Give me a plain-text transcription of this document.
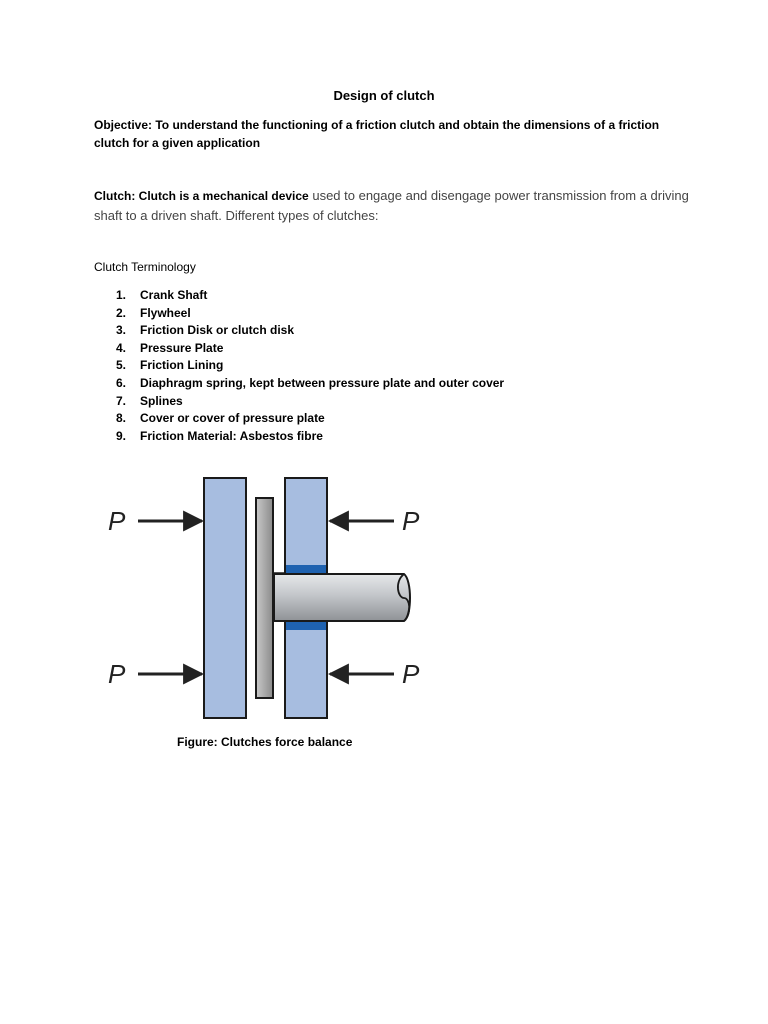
Design of clutch
Objective: To understand the functioning of a friction clutch and obtain the dimensions of a friction clutch for a given application
Clutch: Clutch is a mechanical device used to engage and disengage power transmission from a driving shaft to a driven shaft. Different types of clutches:
Clutch Terminology
1. Crank Shaft
2. Flywheel
3. Friction Disk or clutch disk
4. Pressure Plate
5. Friction Lining
6. Diaphragm spring, kept between pressure plate and outer cover
7. Splines
8. Cover or cover of pressure plate
9. Friction Material: Asbestos fibre
P
P
P
P
Figure: Clutches force balance
